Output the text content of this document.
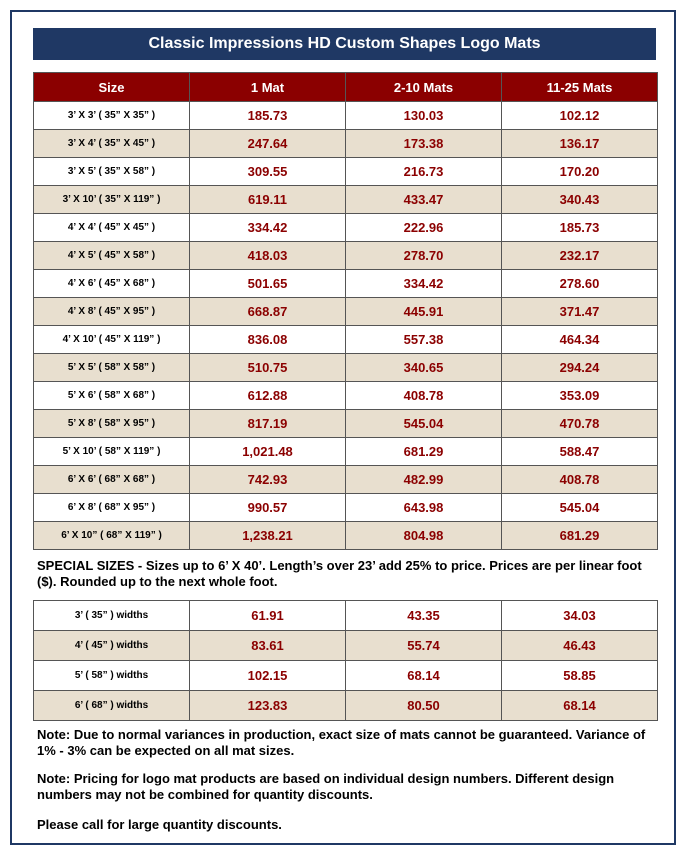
Classic Impressions HD Custom Shapes Logo Mats
Size	1 Mat	2-10 Mats	11-25 Mats
3’ X 3’ ( 35” X 35” )	185.73	130.03	102.12
3’ X 4’ ( 35” X 45” )	247.64	173.38	136.17
3’ X 5’ ( 35” X 58” )	309.55	216.73	170.20
3’ X 10’ ( 35” X 119” )	619.11	433.47	340.43
4’ X 4’ ( 45” X 45” )	334.42	222.96	185.73
4’ X 5’ ( 45” X 58” )	418.03	278.70	232.17
4’ X 6’ ( 45” X 68” )	501.65	334.42	278.60
4’ X 8’ ( 45” X 95” )	668.87	445.91	371.47
4’ X 10’ ( 45” X 119” )	836.08	557.38	464.34
5’ X 5’ ( 58” X 58” )	510.75	340.65	294.24
5’ X 6’ ( 58” X 68” )	612.88	408.78	353.09
5’ X 8’ ( 58” X 95” )	817.19	545.04	470.78
5’ X 10’ ( 58” X 119” )	1,021.48	681.29	588.47
6’ X 6’ ( 68” X 68” )	742.93	482.99	408.78
6’ X 8’ ( 68” X 95” )	990.57	643.98	545.04
6’ X 10” ( 68” X 119” )	1,238.21	804.98	681.29
SPECIAL SIZES - Sizes up to 6’ X 40’. Length’s over 23’ add 25% to price. Prices are per linear foot ($). Rounded up to the next whole foot.
3’ ( 35” ) widths	61.91	43.35	34.03
4’ ( 45” ) widths	83.61	55.74	46.43
5’ ( 58” ) widths	102.15	68.14	58.85
6’ ( 68” ) widths	123.83	80.50	68.14
Note: Due to normal variances in production, exact size of mats cannot be guaranteed. Variance of 1% - 3% can be expected on all mat sizes.
Note: Pricing for logo mat products are based on individual design numbers. Different design numbers may not be combined for quantity discounts.
Please call for large quantity discounts.
